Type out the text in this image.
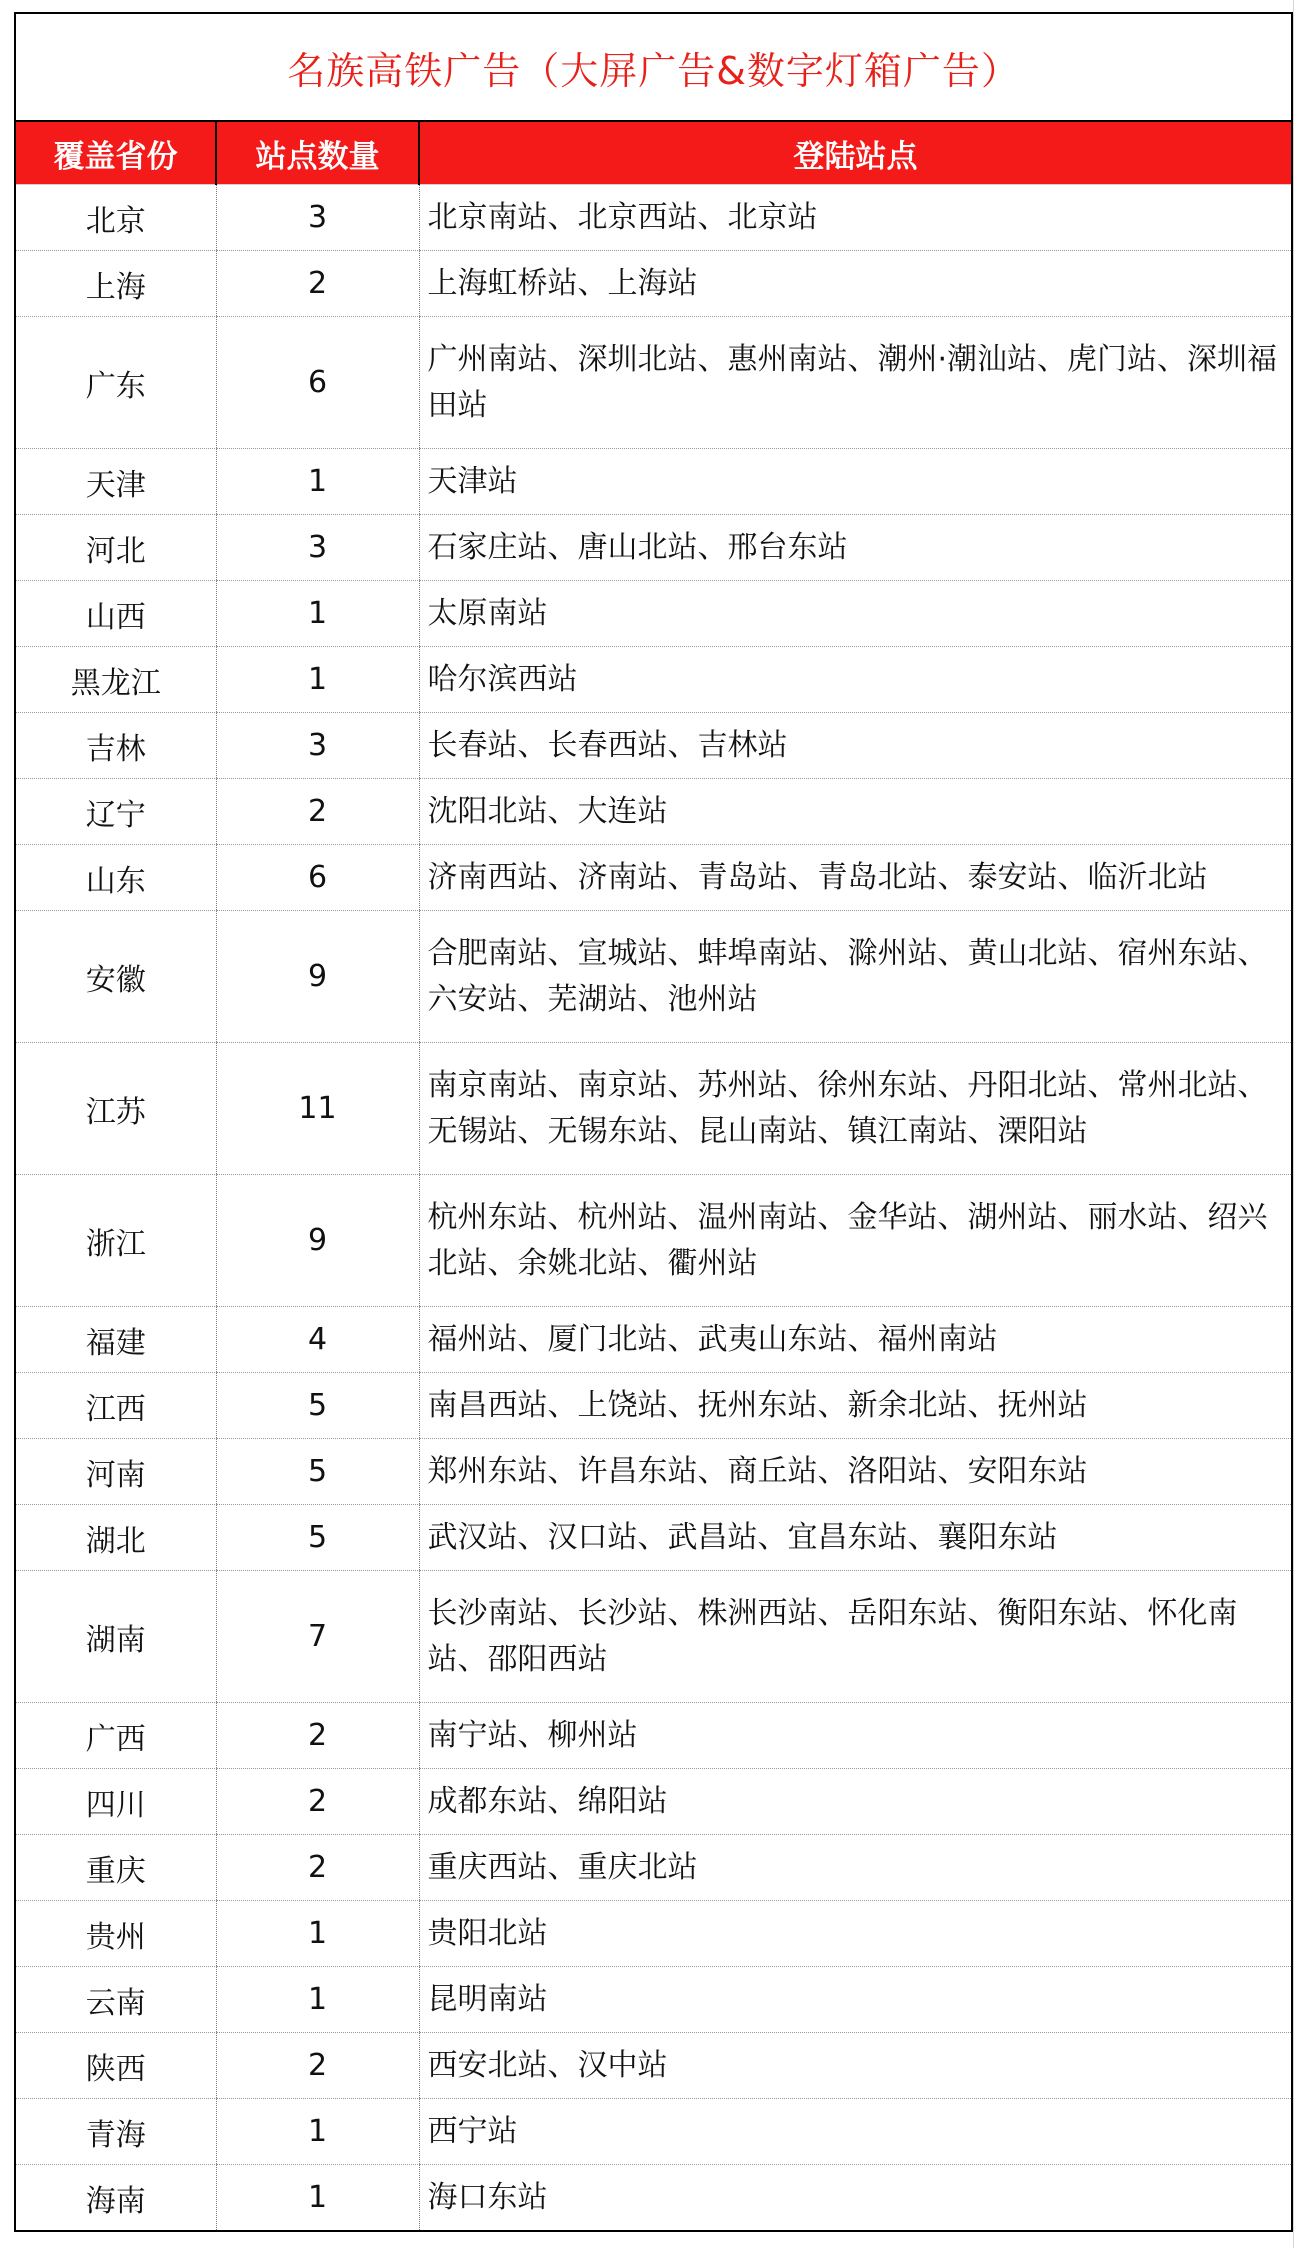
名族高铁广告（大屏广告&数字灯箱广告）		
覆盖省份	站点数量	登陆站点
北京	3	北京南站、北京西站、北京站
上海	2	上海虹桥站、上海站
广东	6	广州南站、深圳北站、惠州南站、潮州·潮汕站、虎门站、深圳福田站
天津	1	天津站
河北	3	石家庄站、唐山北站、邢台东站
山西	1	太原南站
黑龙江	1	哈尔滨西站
吉林	3	长春站、长春西站、吉林站
辽宁	2	沈阳北站、大连站
山东	6	济南西站、济南站、青岛站、青岛北站、泰安站、临沂北站
安徽	9	合肥南站、宣城站、蚌埠南站、滁州站、黄山北站、宿州东站、六安站、芜湖站、池州站
江苏	11	南京南站、南京站、苏州站、徐州东站、丹阳北站、常州北站、无锡站、无锡东站、昆山南站、镇江南站、溧阳站
浙江	9	杭州东站、杭州站、温州南站、金华站、湖州站、丽水站、绍兴北站、余姚北站、衢州站
福建	4	福州站、厦门北站、武夷山东站、福州南站
江西	5	南昌西站、上饶站、抚州东站、新余北站、抚州站
河南	5	郑州东站、许昌东站、商丘站、洛阳站、安阳东站
湖北	5	武汉站、汉口站、武昌站、宜昌东站、襄阳东站
湖南	7	长沙南站、长沙站、株洲西站、岳阳东站、衡阳东站、怀化南站、邵阳西站
广西	2	南宁站、柳州站
四川	2	成都东站、绵阳站
重庆	2	重庆西站、重庆北站
贵州	1	贵阳北站
云南	1	昆明南站
陕西	2	西安北站、汉中站
青海	1	西宁站
海南	1	海口东站
